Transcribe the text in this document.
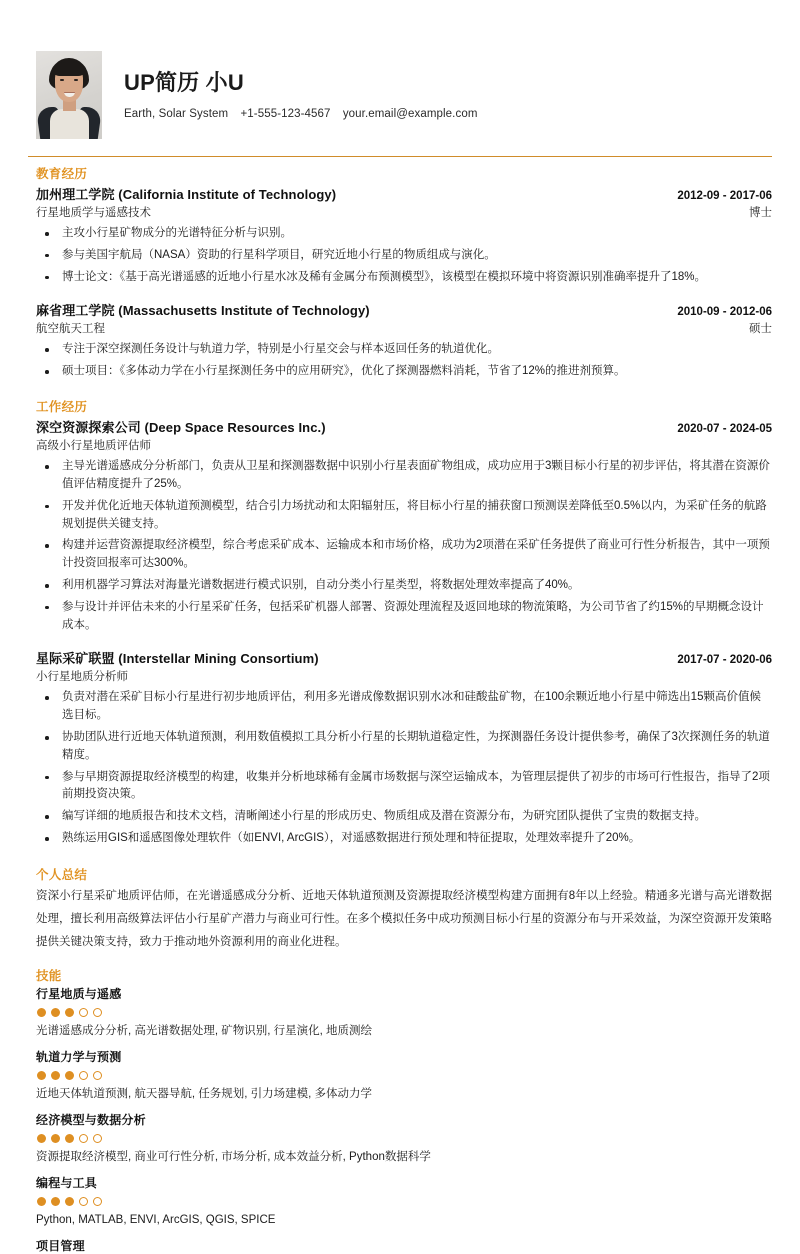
UP简历 小U
Earth, Solar System +1-555-123-4567 your.email@example.com
教育经历
加州理工学院 (California Institute of Technology)	2012-09 - 2017-06
行星地质学与遥感技术	博士
主攻小行星矿物成分的光谱特征分析与识别。
参与美国宇航局（NASA）资助的行星科学项目，研究近地小行星的物质组成与演化。
博士论文：《基于高光谱遥感的近地小行星水冰及稀有金属分布预测模型》，该模型在模拟环境中将资源识别准确率提升了18%。
麻省理工学院 (Massachusetts Institute of Technology)	2010-09 - 2012-06
航空航天工程	硕士
专注于深空探测任务设计与轨道力学，特别是小行星交会与样本返回任务的轨道优化。
硕士项目：《多体动力学在小行星探测任务中的应用研究》，优化了探测器燃料消耗，节省了12%的推进剂预算。
工作经历
深空资源探索公司 (Deep Space Resources Inc.)	2020-07 - 2024-05
高级小行星地质评估师
主导光谱遥感成分分析部门，负责从卫星和探测器数据中识别小行星表面矿物组成，成功应用于3颗目标小行星的初步评估，将其潜在资源价值评估精度提升了25%。
开发并优化近地天体轨道预测模型，结合引力场扰动和太阳辐射压，将目标小行星的捕获窗口预测误差降低至0.5%以内，为采矿任务的航路规划提供关键支持。
构建并运营资源提取经济模型，综合考虑采矿成本、运输成本和市场价格，成功为2项潜在采矿任务提供了商业可行性分析报告，其中一项预计投资回报率可达300%。
利用机器学习算法对海量光谱数据进行模式识别，自动分类小行星类型，将数据处理效率提高了40%。
参与设计并评估未来的小行星采矿任务，包括采矿机器人部署、资源处理流程及返回地球的物流策略，为公司节省了约15%的早期概念设计成本。
星际采矿联盟 (Interstellar Mining Consortium)	2017-07 - 2020-06
小行星地质分析师
负责对潜在采矿目标小行星进行初步地质评估，利用多光谱成像数据识别水冰和硅酸盐矿物，在100余颗近地小行星中筛选出15颗高价值候选目标。
协助团队进行近地天体轨道预测，利用数值模拟工具分析小行星的长期轨道稳定性，为探测器任务设计提供参考，确保了3次探测任务的轨道精度。
参与早期资源提取经济模型的构建，收集并分析地球稀有金属市场数据与深空运输成本，为管理层提供了初步的市场可行性报告，指导了2项前期投资决策。
编写详细的地质报告和技术文档，清晰阐述小行星的形成历史、物质组成及潜在资源分布，为研究团队提供了宝贵的数据支持。
熟练运用GIS和遥感图像处理软件（如ENVI, ArcGIS），对遥感数据进行预处理和特征提取，处理效率提升了20%。
个人总结
资深小行星采矿地质评估师，在光谱遥感成分分析、近地天体轨道预测及资源提取经济模型构建方面拥有8年以上经验。精通多光谱与高光谱数据处理，擅长利用高级算法评估小行星矿产潜力与商业可行性。在多个模拟任务中成功预测目标小行星的资源分布与开采效益，为深空资源开发策略提供关键决策支持，致力于推动地外资源利用的商业化进程。
技能
行星地质与遥感
光谱遥感成分分析, 高光谱数据处理, 矿物识别, 行星演化, 地质测绘
轨道力学与预测
近地天体轨道预测, 航天器导航, 任务规划, 引力场建模, 多体动力学
经济模型与数据分析
资源提取经济模型, 商业可行性分析, 市场分析, 成本效益分析, Python数据科学
编程与工具
Python, MATLAB, ENVI, ArcGIS, QGIS, SPICE
项目管理
